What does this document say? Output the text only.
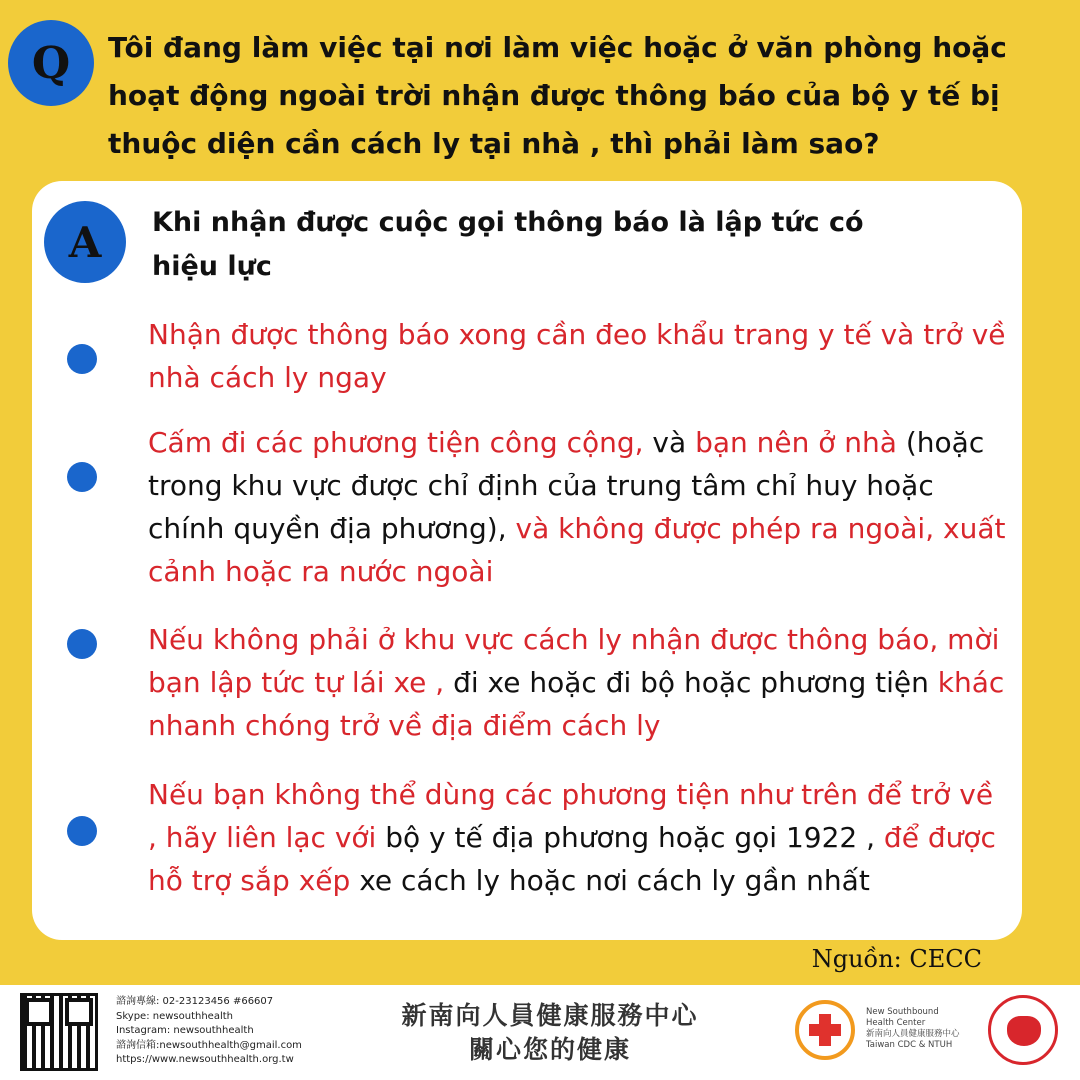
Q	Tôi đang làm việc tại nơi làm việc hoặc ở văn phòng hoặc hoạt động ngoài trời nhận được thông báo của bộ y tế bị thuộc diện cần cách ly tại nhà , thì phải làm sao?
A	Khi nhận được cuộc gọi thông báo là lập tức có hiệu lực
Nhận được thông báo xong cần đeo khẩu trang y tế và trở về nhà cách ly ngay
Cấm đi các phương tiện công cộng, và bạn nên ở nhà (hoặc trong khu vực được chỉ định của trung tâm chỉ huy hoặc chính quyền địa phương), và không được phép ra ngoài, xuất cảnh hoặc ra nước ngoài
Nếu không phải ở khu vực cách ly nhận được thông báo, mời bạn lập tức tự lái xe , đi xe hoặc đi bộ hoặc phương tiện khác nhanh chóng trở về địa điểm cách ly
Nếu bạn không thể dùng các phương tiện như trên để trở về , hãy liên lạc với bộ y tế địa phương hoặc gọi 1922 , để được hỗ trợ sắp xếp xe cách ly hoặc nơi cách ly gần nhất
Nguồn: CECC
諮詢專線: 02-23123456 #66607
Skype: newsouthhealth
Instagram: newsouthhealth
諮詢信箱:newsouthhealth@gmail.com
https://www.newsouthhealth.org.tw
新南向人員健康服務中心
關心您的健康
New Southbound
Health Center
新南向人員健康服務中心
Taiwan CDC & NTUH
